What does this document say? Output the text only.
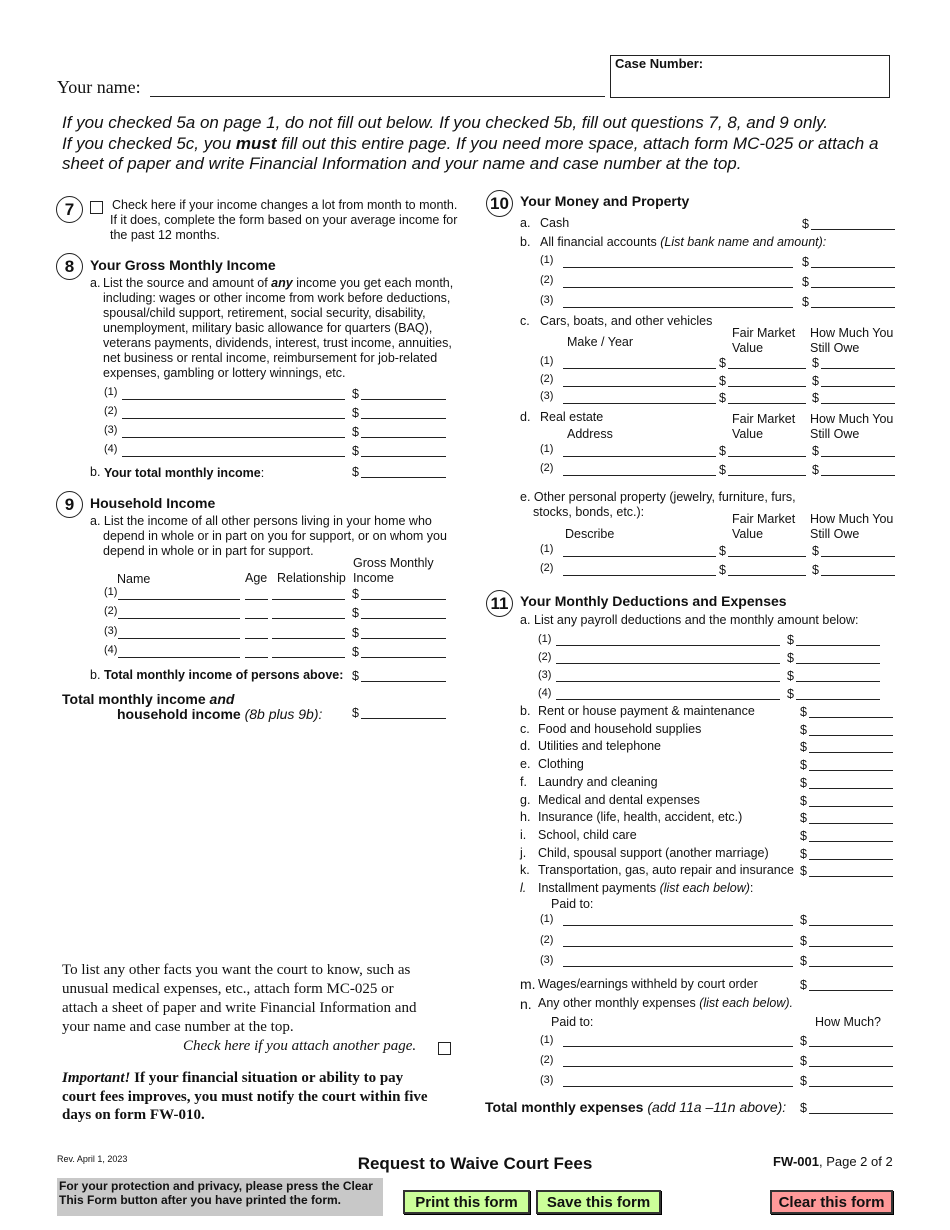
Your name:
Case Number:
If you checked 5a on page 1, do not fill out below. If you checked 5b, fill out questions 7, 8, and 9 only.
If you checked 5c, you must fill out this entire page. If you need more space, attach form MC-025 or attach a
sheet of paper and write Financial Information and your name and case number at the top.
7	Check here if your income changes a lot from month to month.
If it does, complete the form based on your average income for
the past 12 months.
8	Your Gross Monthly Income
a. List the source and amount of any income you get each month,
including: wages or other income from work before deductions,
spousal/child support, retirement, social security, disability,
unemployment, military basic allowance for quarters (BAQ),
veterans payments, dividends, interest, trust income, annuities,
net business or rental income, reimbursement for job-related
expenses, gambling or lottery winnings, etc.
(1)	$
(2)	$
(3)	$
(4)	$
b. Your total monthly income:	$
9	Household Income
a. List the income of all other persons living in your home who
depend in whole or in part on you for support, or on whom you
depend in whole or in part for support.
Gross Monthly
Income
Name	Age Relationship
(1)	$
(2)	$
(3)	$
(4)	$
b. Total monthly income of persons above: $
Total monthly income and
household income (8b plus 9b): $
To list any other facts you want the court to know, such as
unusual medical expenses, etc., attach form MC-025 or
attach a sheet of paper and write Financial Information and
your name and case number at the top.
Check here if you attach another page.
Important! If your financial situation or ability to pay
court fees improves, you must notify the court within five
days on form FW-010.
10 Your Money and Property
a. Cash	$
b. All financial accounts (List bank name and amount):
(1)	$
(2)	$
(3)	$
c. Cars, boats, and other vehicles
Fair Market
Value
How Much You
Still Owe
Make / Year
(1)	$	$
(2)	$	$
(3)	$	$
d. Real estate	Fair Market
Value
How Much You
Still Owe
Address
(1)	$	$
(2)	$	$
e. Other personal property (jewelry, furniture, furs,
stocks, bonds, etc.):	Fair Market
Value
How Much You
Still Owe
Describe
(1)	$	$
(2)	$	$
11 Your Monthly Deductions and Expenses
a. List any payroll deductions and the monthly amount below:
(1)	$
(2)	$
(3)	$
(4)	$
b. Rent or house payment & maintenance	$
c. Food and household supplies	$
d. Utilities and telephone	$
e. Clothing	$
f. Laundry and cleaning	$
g. Medical and dental expenses	$
h. Insurance (life, health, accident, etc.)	$
i. School, child care	$
j. Child, spousal support (another marriage)	$
k. Transportation, gas, auto repair and insurance $
l. Installment payments (list each below):
Paid to:
(1)	$
(2)	$
(3)	$
m. Wages/earnings withheld by court order	$
n. Any other monthly expenses (list each below).
Paid to:	How Much?
(1)	$
(2)	$
(3)	$
Total monthly expenses (add 11a –11n above): $
Rev. April 1, 2023	Request to Waive Court Fees	FW-001, Page 2 of 2
For your protection and privacy, please press the Clear
This Form button after you have printed the form.	Print this form	Save this form	Clear this form
